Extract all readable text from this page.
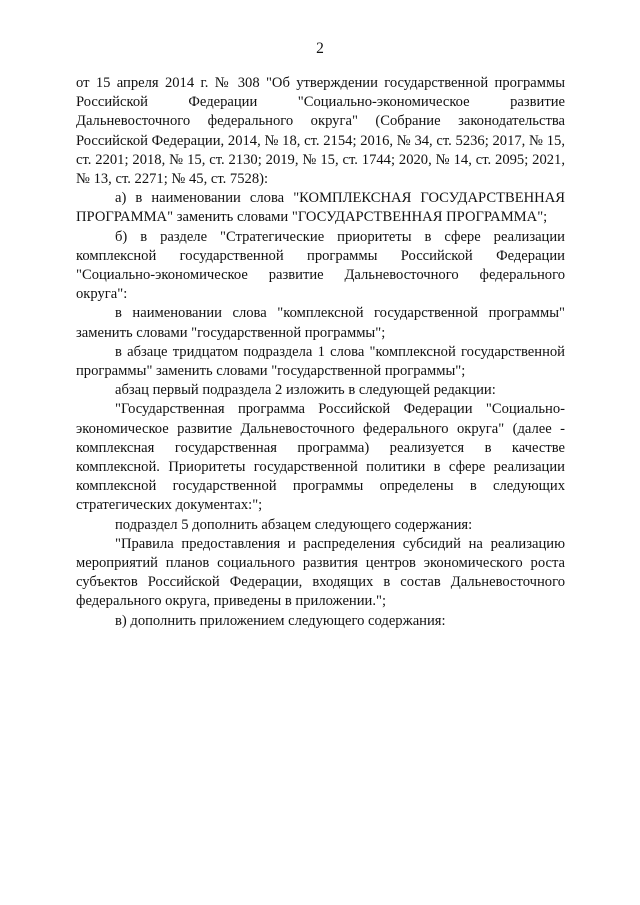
2

от 15 апреля 2014 г. № 308 "Об утверждении государственной программы Российской Федерации "Социально-экономическое развитие Дальневосточного федерального округа" (Собрание законодательства Российской Федерации, 2014, № 18, ст. 2154; 2016, № 34, ст. 5236; 2017, № 15, ст. 2201; 2018, № 15, ст. 2130; 2019, № 15, ст. 1744; 2020, № 14, ст. 2095; 2021, № 13, ст. 2271; № 45, ст. 7528):

а) в наименовании слова "КОМПЛЕКСНАЯ ГОСУДАРСТВЕННАЯ ПРОГРАММА" заменить словами "ГОСУДАРСТВЕННАЯ ПРОГРАММА";

б) в разделе "Стратегические приоритеты в сфере реализации комплексной государственной программы Российской Федерации "Социально-экономическое развитие Дальневосточного федерального округа":

в наименовании слова "комплексной государственной программы" заменить словами "государственной программы";

в абзаце тридцатом подраздела 1 слова "комплексной государственной программы" заменить словами "государственной программы";

абзац первый подраздела 2 изложить в следующей редакции:

"Государственная программа Российской Федерации "Социально-экономическое развитие Дальневосточного федерального округа" (далее - комплексная государственная программа) реализуется в качестве комплексной. Приоритеты государственной политики в сфере реализации комплексной государственной программы определены в следующих стратегических документах:";

подраздел 5 дополнить абзацем следующего содержания:

"Правила предоставления и распределения субсидий на реализацию мероприятий планов социального развития центров экономического роста субъектов Российской Федерации, входящих в состав Дальневосточного федерального округа, приведены в приложении.";

в) дополнить приложением следующего содержания:
